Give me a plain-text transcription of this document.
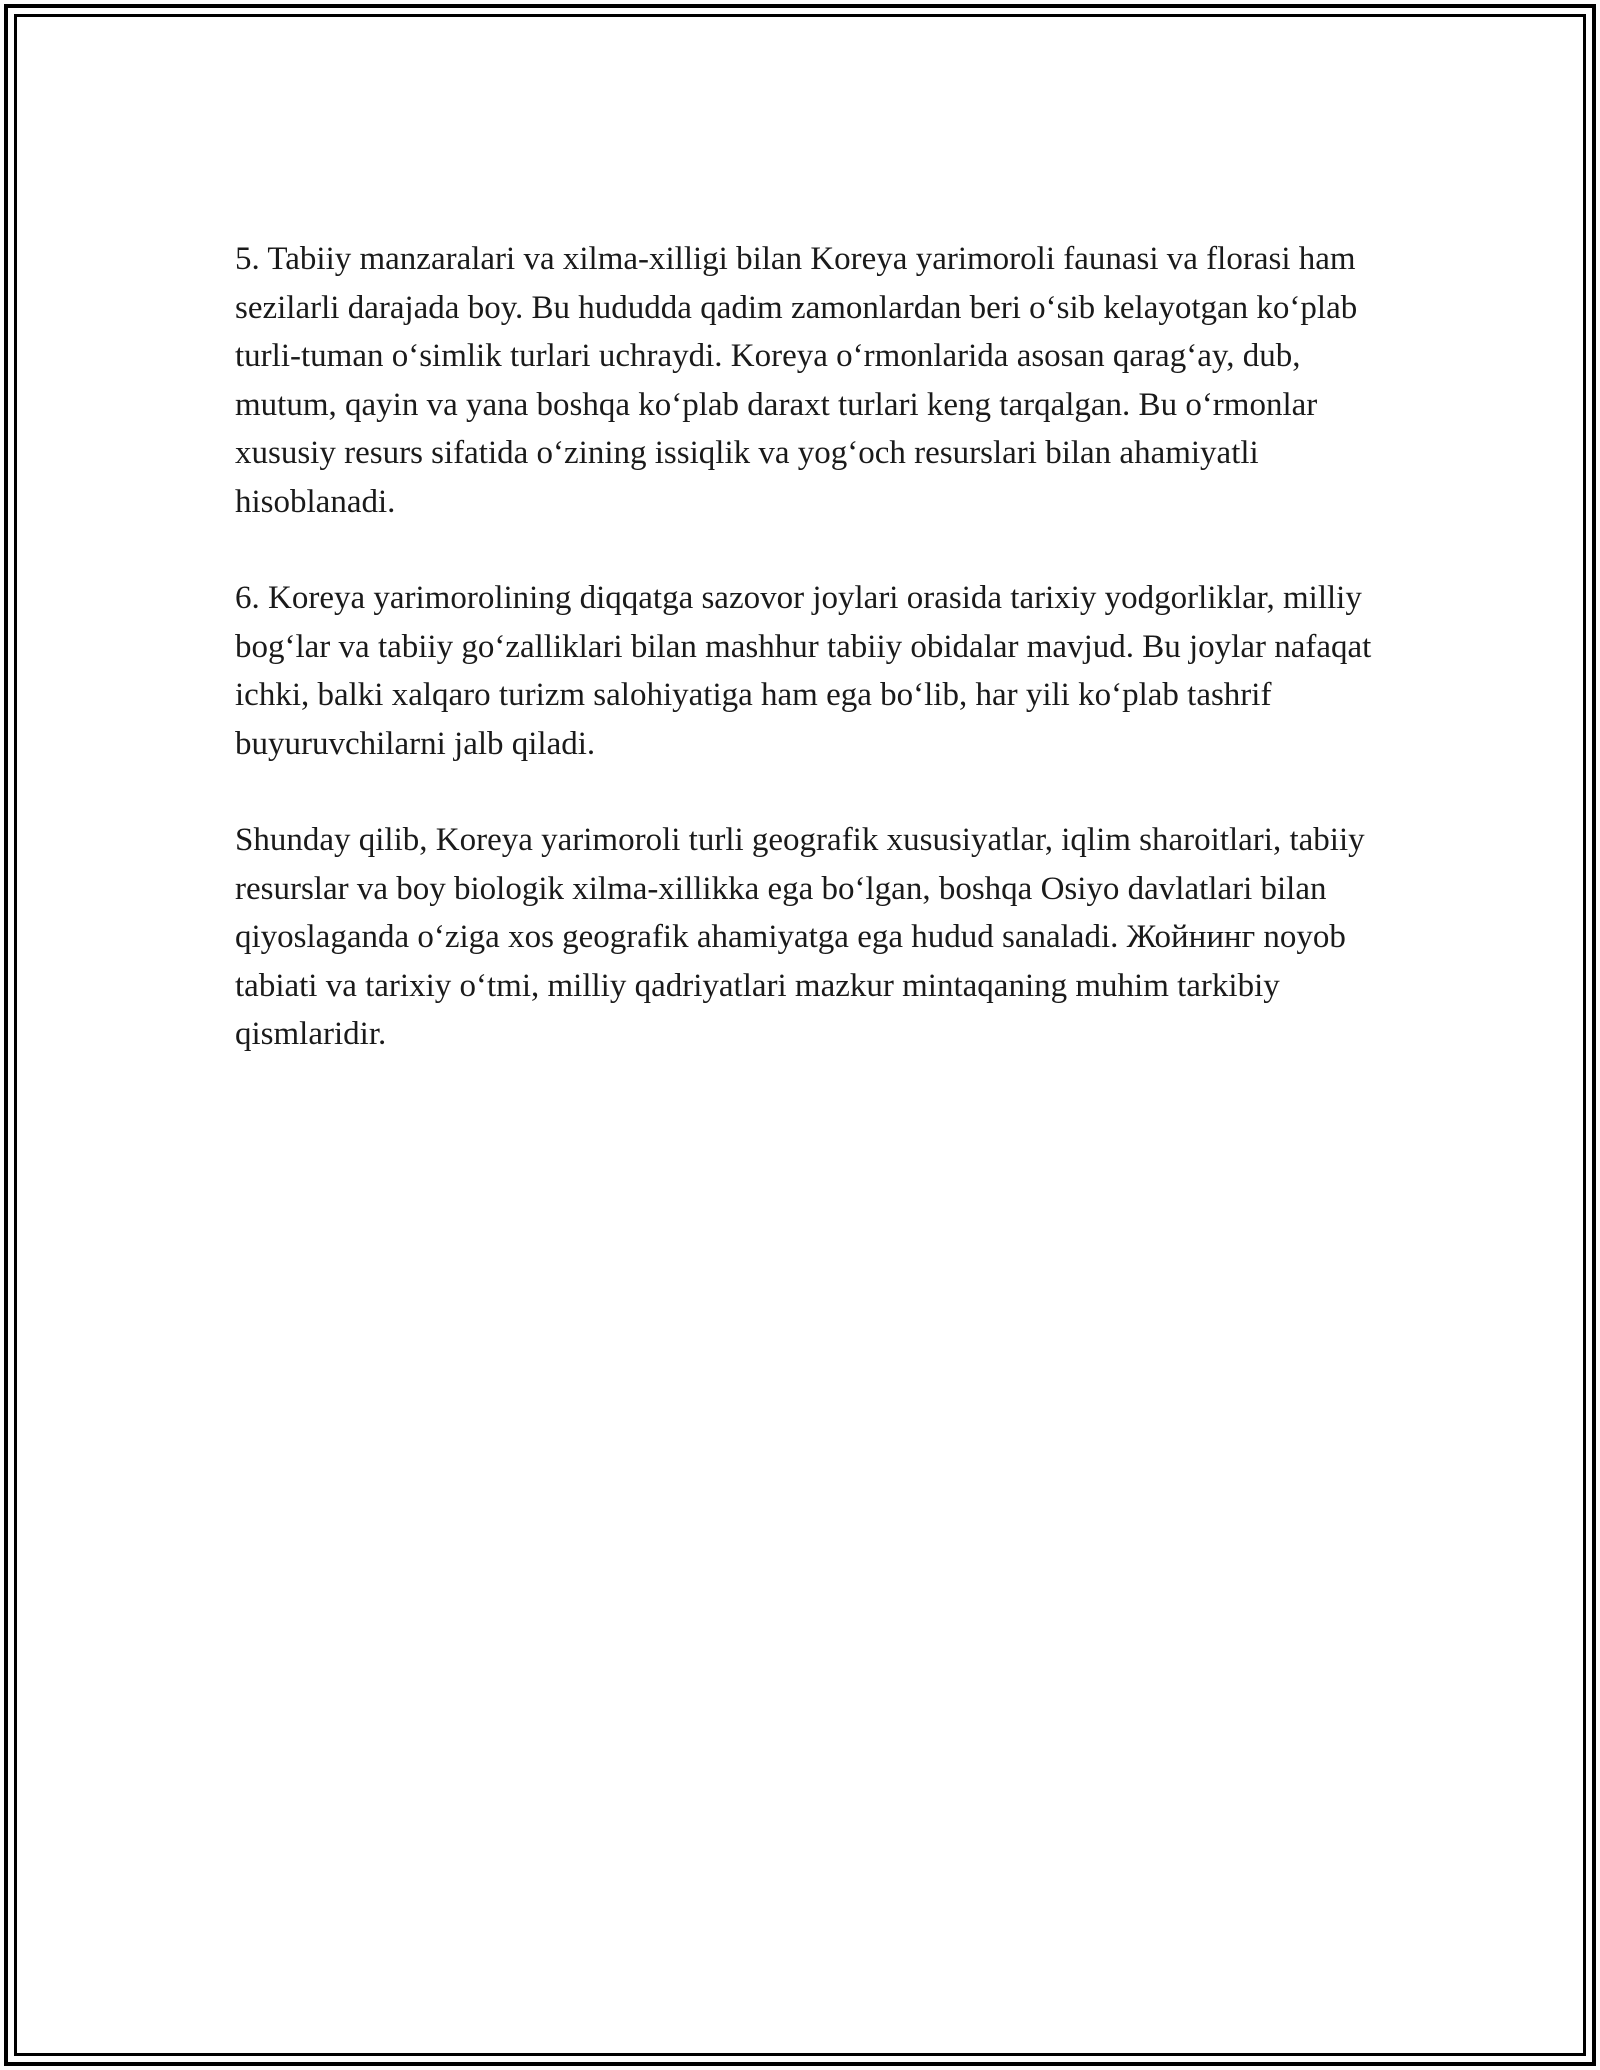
5. Tabiiy manzaralari va xilma-xilligi bilan Koreya yarimoroli faunasi va florasi ham sezilarli darajada boy. Bu hududda qadim zamonlardan beri o‘sib kelayotgan ko‘plab turli-tuman o‘simlik turlari uchraydi. Koreya o‘rmonlarida asosan qarag‘ay, dub, mutum, qayin va yana boshqa ko‘plab daraxt turlari keng tarqalgan. Bu o‘rmonlar xususiy resurs sifatida o‘zining issiqlik va yog‘och resurslari bilan ahamiyatli hisoblanadi.

6. Koreya yarimorolining diqqatga sazovor joylari orasida tarixiy yodgorliklar, milliy bog‘lar va tabiiy go‘zalliklari bilan mashhur tabiiy obidalar mavjud. Bu joylar nafaqat ichki, balki xalqaro turizm salohiyatiga ham ega bo‘lib, har yili ko‘plab tashrif buyuruvchilarni jalb qiladi.

Shunday qilib, Koreya yarimoroli turli geografik xususiyatlar, iqlim sharoitlari, tabiiy resurslar va boy biologik xilma-xillikka ega bo‘lgan, boshqa Osiyo davlatlari bilan qiyoslaganda o‘ziga xos geografik ahamiyatga ega hudud sanaladi. Жойнинг noyob tabiati va tarixiy o‘tmi, milliy qadriyatlari mazkur mintaqaning muhim tarkibiy qismlaridir.
